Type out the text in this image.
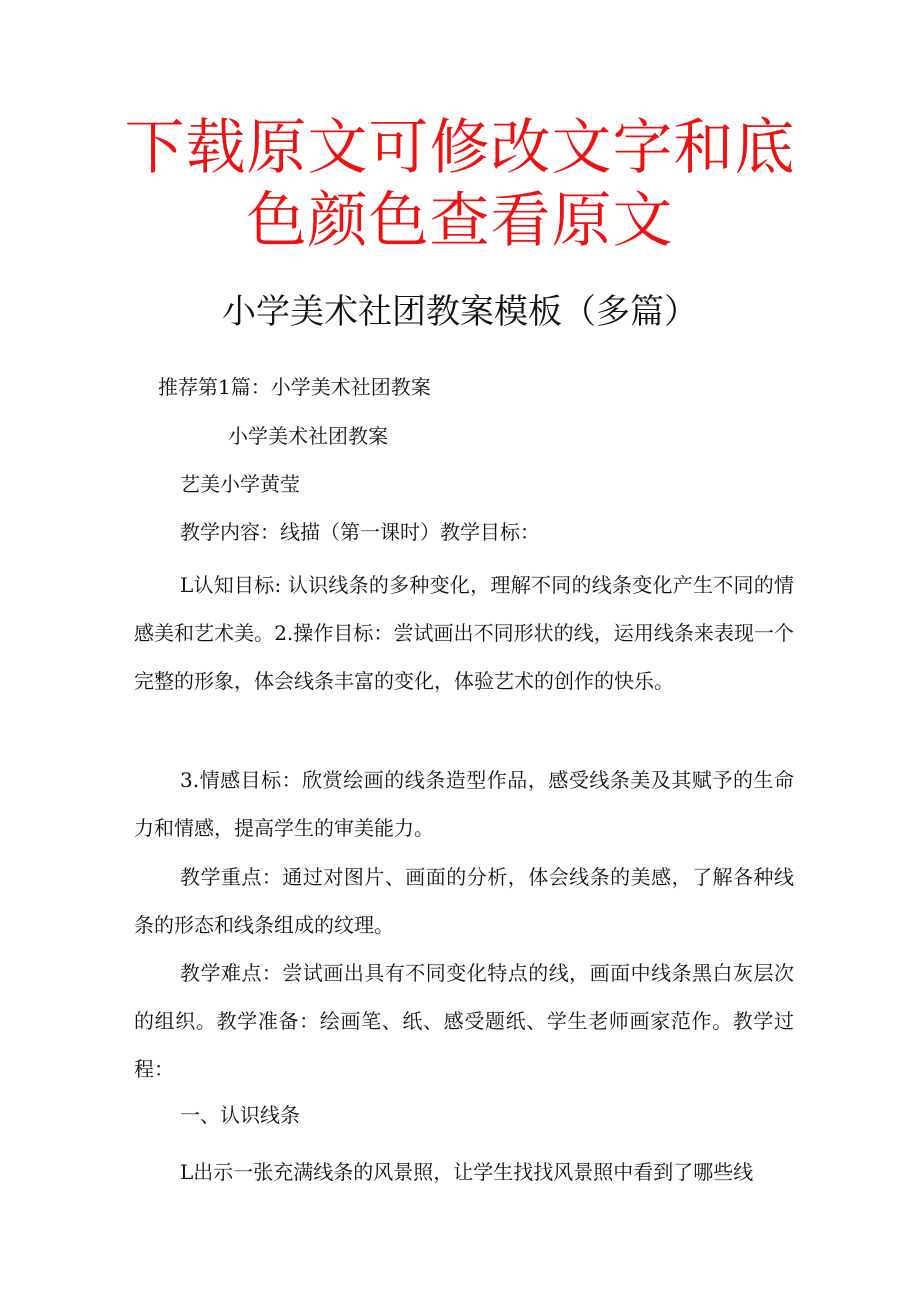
下载原文可修改文字和底
色颜色查看原文
小学美术社团教案模板（多篇）
推荐第1篇：小学美术社团教案
小学美术社团教案
艺美小学黄莹
教学内容：线描（第一课时）教学目标：

L认知目标: 认识线条的多种变化，理解不同的线条变化产生不同的情感美和艺术美。2.操作目标：尝试画出不同形状的线，运用线条来表现一个完整的形象，体会线条丰富的变化，体验艺术的创作的快乐。

3.情感目标：欣赏绘画的线条造型作品，感受线条美及其赋予的生命力和情感，提高学生的审美能力。

教学重点：通过对图片、画面的分析，体会线条的美感，了解各种线条的形态和线条组成的纹理。

教学难点：尝试画出具有不同变化特点的线，画面中线条黑白灰层次的组织。教学准备：绘画笔、纸、感受题纸、学生老师画家范作。教学过程：

一、认识线条
L出示一张充满线条的风景照，让学生找找风景照中看到了哪些线
